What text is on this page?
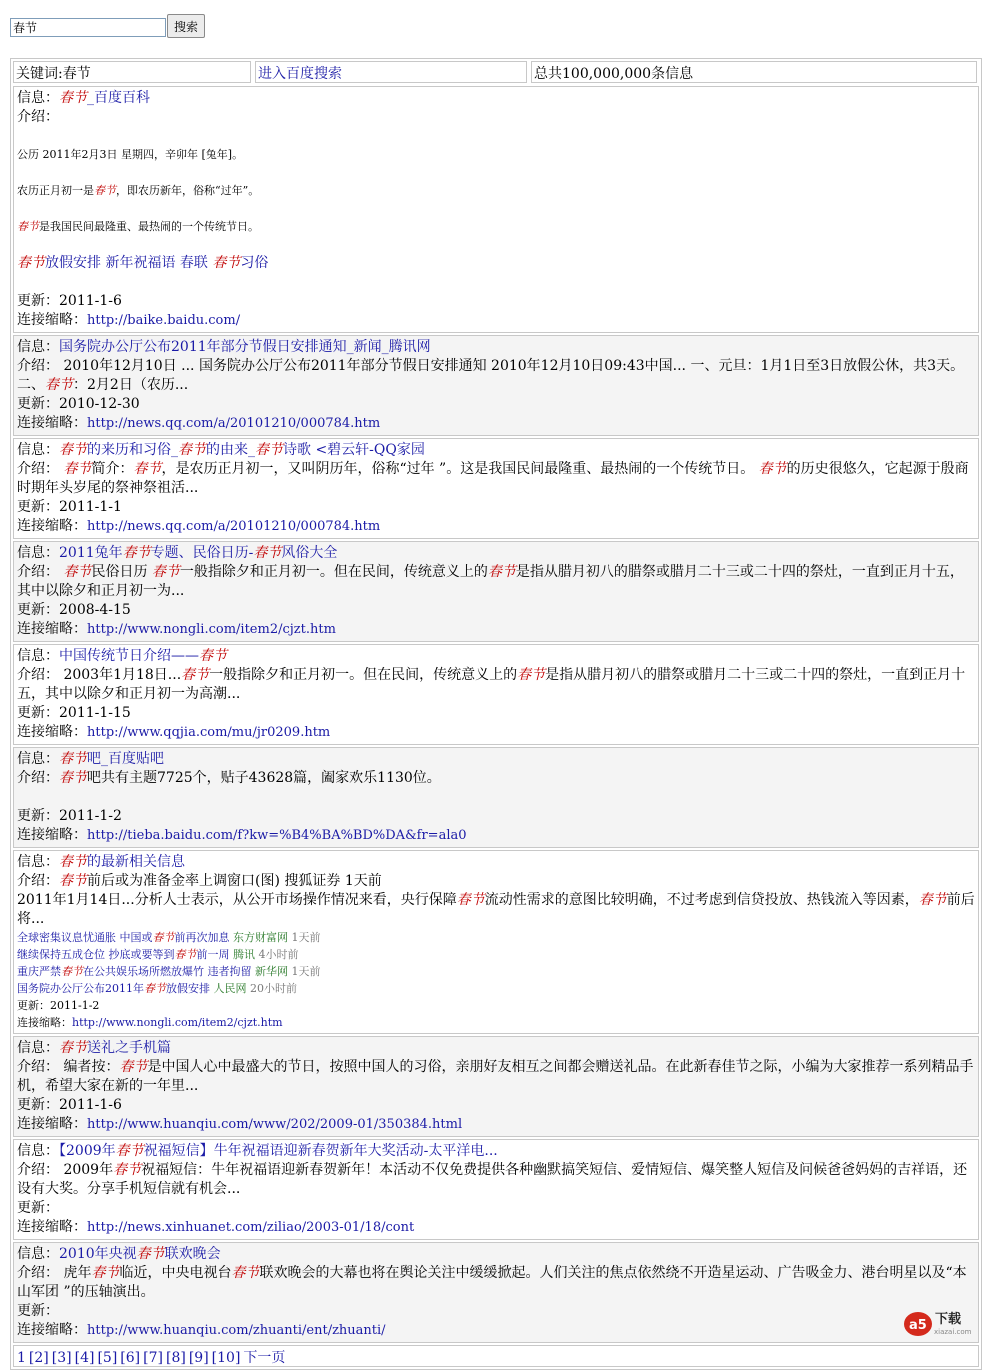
春节
搜索
关键词:春节	进入百度搜索	总共100,000,000条信息
信息：春节_百度百科
介绍：
公历 2011年2月3日 星期四，辛卯年 [兔年]。
农历正月初一是春节，即农历新年，俗称“过年”。
春节是我国民间最隆重、最热闹的一个传统节日。
春节放假安排 新年祝福语 春联 春节习俗
更新：2011-1-6
连接缩略：http://baike.baidu.com/
信息：国务院办公厅公布2011年部分节假日安排通知_新闻_腾讯网
介绍： 2010年12月10日 ... 国务院办公厅公布2011年部分节假日安排通知 2010年12月10日09:43中国... 一、元旦：1月1日至3日放假公休，共3天。 二、春节：2月2日（农历...
更新：2010-12-30
连接缩略：http://news.qq.com/a/20101210/000784.htm
信息：春节的来历和习俗_春节的由来_春节诗歌 <碧云轩-QQ家园
介绍： 春节简介：春节，是农历正月初一，又叫阴历年，俗称“过年 ”。这是我国民间最隆重、最热闹的一个传统节日。 春节的历史很悠久，它起源于殷商时期年头岁尾的祭神祭祖活...
更新：2011-1-1
连接缩略：http://news.qq.com/a/20101210/000784.htm
信息：2011兔年春节专题、民俗日历-春节风俗大全
介绍： 春节民俗日历 春节一般指除夕和正月初一。但在民间，传统意义上的春节是指从腊月初八的腊祭或腊月二十三或二十四的祭灶，一直到正月十五，其中以除夕和正月初一为...
更新：2008-4-15
连接缩略：http://www.nongli.com/item2/cjzt.htm
信息：中国传统节日介绍——春节
介绍： 2003年1月18日...春节一般指除夕和正月初一。但在民间，传统意义上的春节是指从腊月初八的腊祭或腊月二十三或二十四的祭灶，一直到正月十五，其中以除夕和正月初一为高潮...
更新：2011-1-15
连接缩略：http://www.qqjia.com/mu/jr0209.htm
信息：春节吧_百度贴吧
介绍：春节吧共有主题7725个，贴子43628篇，阖家欢乐1130位。
更新：2011-1-2
连接缩略：http://tieba.baidu.com/f?kw=%B4%BA%BD%DA&fr=ala0
信息：春节的最新相关信息
介绍：春节前后或为准备金率上调窗口(图) 搜狐证券 1天前
2011年1月14日...分析人士表示，从公开市场操作情况来看，央行保障春节流动性需求的意图比较明确，不过考虑到信贷投放、热钱流入等因素，春节前后将...
全球密集议息忧通胀 中国或春节前再次加息 东方财富网 1天前
继续保持五成仓位 抄底或要等到春节前一周 腾讯 4小时前
重庆严禁春节在公共娱乐场所燃放爆竹 违者拘留 新华网 1天前
国务院办公厅公布2011年春节放假安排 人民网 20小时前
更新：2011-1-2
连接缩略：http://www.nongli.com/item2/cjzt.htm
信息：春节送礼之手机篇
介绍： 编者按：春节是中国人心中最盛大的节日，按照中国人的习俗，亲朋好友相互之间都会赠送礼品。在此新春佳节之际，小编为大家推荐一系列精品手机，希望大家在新的一年里...
更新：2011-1-6
连接缩略：http://www.huanqiu.com/www/202/2009-01/350384.html
信息：【2009年春节祝福短信】牛年祝福语迎新春贺新年大奖活动-太平洋电...
介绍： 2009年春节祝福短信：牛年祝福语迎新春贺新年！本活动不仅免费提供各种幽默搞笑短信、爱情短信、爆笑整人短信及问候爸爸妈妈的吉祥语，还设有大奖。分享手机短信就有机会...
更新：
连接缩略：http://news.xinhuanet.com/ziliao/2003-01/18/cont
信息：2010年央视春节联欢晚会
介绍： 虎年春节临近，中央电视台春节联欢晚会的大幕也将在舆论关注中缓缓掀起。人们关注的焦点依然绕不开造星运动、广告吸金力、港台明星以及“本山军团 ”的压轴演出。
更新：
连接缩略：http://www.huanqiu.com/zhuanti/ent/zhuanti/
1 [2] [3] [4] [5] [6] [7] [8] [9] [10] 下一页
a5 下载
xiazai.com
